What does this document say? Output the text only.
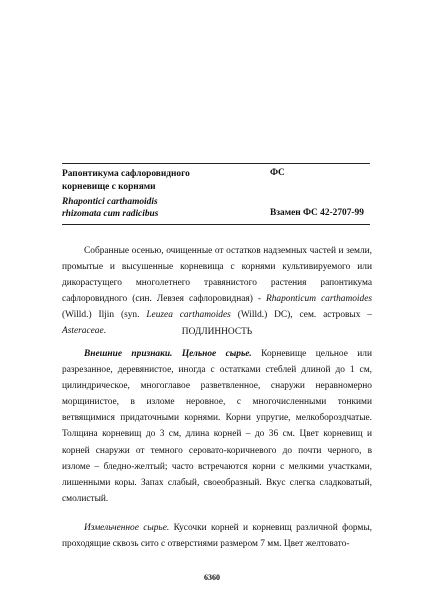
Рапонтикума сафлоровидного
корневище с корнями
ФС
Rhapontici carthamoidis
rhizomata cum radicibus	Взамен ФС 42-2707-99
Собранные осенью, очищенные от остатков надземных частей и земли, промытые и высушенные корневища с корнями культивируемого или дикорастущего многолетнего травянистого растения рапонтикума сафлоровидного (син. Левзея сафлоровидная) - Rhaponticum carthamoides (Willd.) Iljin (syn. Leuzea carthamoides (Willd.) DC), сем. астровых – Asteraceae.	ПОДЛИННОСТЬ
Внешние признаки. Цельное сырье. Корневище цельное или разрезанное, деревянистое, иногда с остатками стеблей длиной до 1 см, цилиндрическое, многоглавое разветвленное, снаружи неравномерно морщинистое, в изломе неровное, с многочисленными тонкими ветвящимися придаточными корнями. Корни упругие, мелкобороздчатые. Толщина корневищ до 3 см, длина корней – до 36 см. Цвет корневищ и корней снаружи от темного серовато-коричневого до почти черного, в изломе – бледно-желтый; часто встречаются корни с мелкими участками, лишенными коры. Запах слабый, своеобразный. Вкус слегка сладковатый, смолистый.
Измельченное сырье. Кусочки корней и корневищ различной формы, проходящие сквозь сито с отверстиями размером 7 мм. Цвет желтовато-
6360
